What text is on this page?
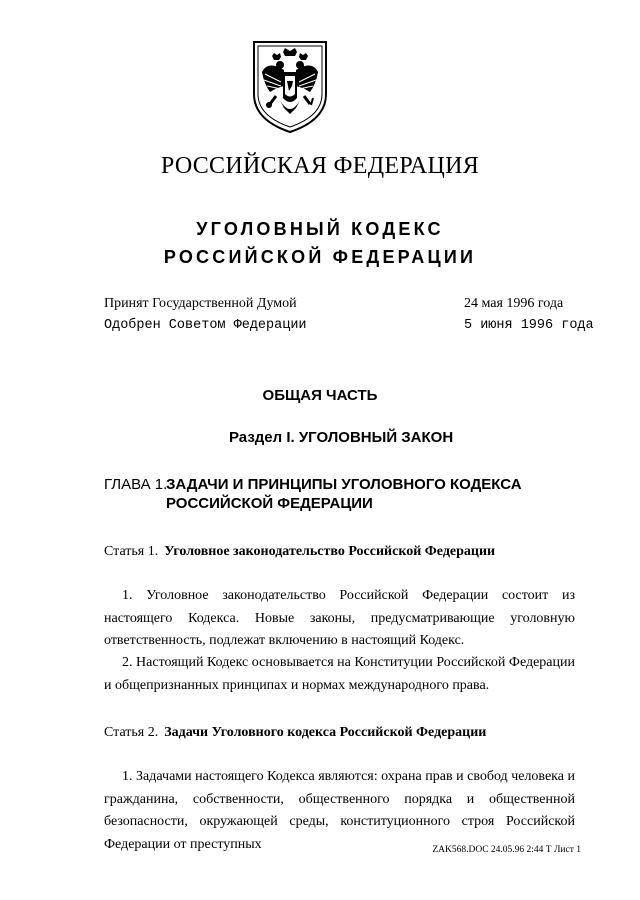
РОССИЙСКАЯ ФЕДЕРАЦИЯ
УГОЛОВНЫЙ КОДЕКС
РОССИЙСКОЙ ФЕДЕРАЦИИ
Принят Государственной Думой	24 мая 1996 года
Одобрен Советом Федерации	5 июня 1996 года
ОБЩАЯ ЧАСТЬ
Раздел I. УГОЛОВНЫЙ ЗАКОН
ГЛАВА 1.
ЗАДАЧИ И ПРИНЦИПЫ УГОЛОВНОГО КОДЕКСА
РОССИЙСКОЙ ФЕДЕРАЦИИ
Статья 1. Уголовное законодательство Российской Федерации

1. Уголовное законодательство Российской Федерации состоит из настоящего Кодекса. Новые законы, предусматривающие уголовную ответственность, подлежат включению в настоящий Кодекс.

2. Настоящий Кодекс основывается на Конституции Российской Федерации и общепризнанных принципах и нормах международного права.

Статья 2. Задачи Уголовного кодекса Российской Федерации

1. Задачами настоящего Кодекса являются: охрана прав и свобод человека и гражданина, собственности, общественного порядка и общественной безопасности, окружающей среды, конституционного строя Российской Федерации от преступных	ZAK568.DOC 24.05.96 2:44 Т Лист 1
